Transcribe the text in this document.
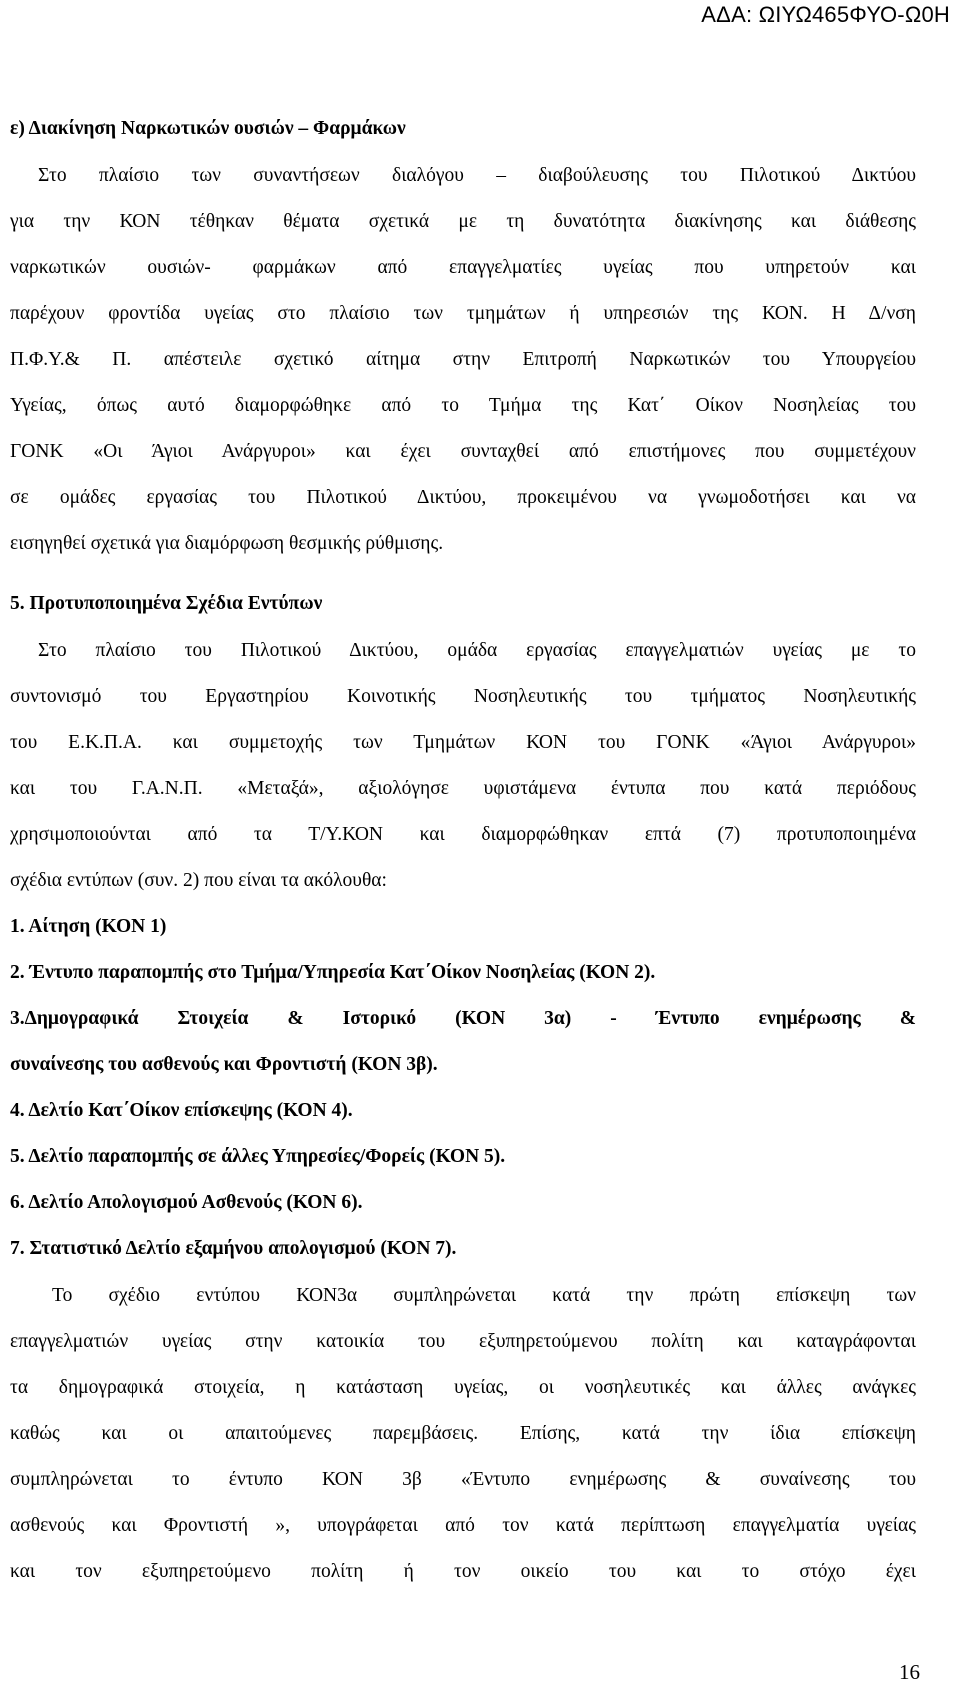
ΑΔΑ: ΩΙΥΩ465ΦΥΟ-Ω0Η
ε) Διακίνηση Ναρκωτικών ουσιών – Φαρμάκων
Στο πλαίσιο των συναντήσεων διαλόγου – διαβούλευσης του Πιλοτικού Δικτύου
για την ΚΟΝ τέθηκαν θέματα σχετικά με τη δυνατότητα διακίνησης και διάθεσης
ναρκωτικών ουσιών- φαρμάκων από επαγγελματίες υγείας που υπηρετούν και
παρέχουν φροντίδα υγείας στο πλαίσιο των τμημάτων ή υπηρεσιών της ΚΟΝ. Η Δ/νση
Π.Φ.Υ.& Π. απέστειλε σχετικό αίτημα στην Επιτροπή Ναρκωτικών του Υπουργείου
Υγείας, όπως αυτό διαμορφώθηκε από το Τμήμα της Κατ΄ Οίκον Νοσηλείας του
ΓΟΝΚ «Οι Άγιοι Ανάργυροι» και έχει συνταχθεί από επιστήμονες που συμμετέχουν
σε ομάδες εργασίας του Πιλοτικού Δικτύου, προκειμένου να γνωμοδοτήσει και να
εισηγηθεί σχετικά για διαμόρφωση θεσμικής ρύθμισης.
5. Προτυποποιημένα Σχέδια Εντύπων
Στο πλαίσιο του Πιλοτικού Δικτύου, ομάδα εργασίας επαγγελματιών υγείας με το
συντονισμό του Εργαστηρίου Κοινοτικής Νοσηλευτικής του τμήματος Νοσηλευτικής
του Ε.Κ.Π.Α. και συμμετοχής των Τμημάτων ΚΟΝ του ΓΟΝΚ «Άγιοι Ανάργυροι»
και του Γ.Α.Ν.Π. «Μεταξά», αξιολόγησε υφιστάμενα έντυπα που κατά περιόδους
χρησιμοποιούνται από τα Τ/Υ.ΚΟΝ και διαμορφώθηκαν επτά (7) προτυποποιημένα
σχέδια εντύπων (συν. 2) που είναι τα ακόλουθα:
1. Αίτηση (ΚΟΝ 1)
2. Έντυπο παραπομπής στο Τμήμα/Υπηρεσία Κατ΄Οίκον Νοσηλείας (ΚΟΝ 2).
3.Δημογραφικά Στοιχεία & Ιστορικό (ΚΟΝ 3α) - Έντυπο ενημέρωσης &
συναίνεσης του ασθενούς και Φροντιστή (ΚΟΝ 3β).
4. Δελτίο Κατ΄Οίκον επίσκεψης (ΚΟΝ 4).
5. Δελτίο παραπομπής σε άλλες Υπηρεσίες/Φορείς (ΚΟΝ 5).
6. Δελτίο Απολογισμού Ασθενούς (ΚΟΝ 6).
7. Στατιστικό Δελτίο εξαμήνου απολογισμού (ΚΟΝ 7).
Το σχέδιο εντύπου ΚΟΝ3α συμπληρώνεται κατά την πρώτη επίσκεψη των
επαγγελματιών υγείας στην κατοικία του εξυπηρετούμενου πολίτη και καταγράφονται
τα δημογραφικά στοιχεία, η κατάσταση υγείας, οι νοσηλευτικές και άλλες ανάγκες
καθώς και οι απαιτούμενες παρεμβάσεις. Επίσης, κατά την ίδια επίσκεψη
συμπληρώνεται το έντυπο ΚΟΝ 3β «Έντυπο ενημέρωσης & συναίνεσης του
ασθενούς και Φροντιστή », υπογράφεται από τον κατά περίπτωση επαγγελματία υγείας
και τον εξυπηρετούμενο πολίτη ή τον οικείο του και το στόχο έχει
16
